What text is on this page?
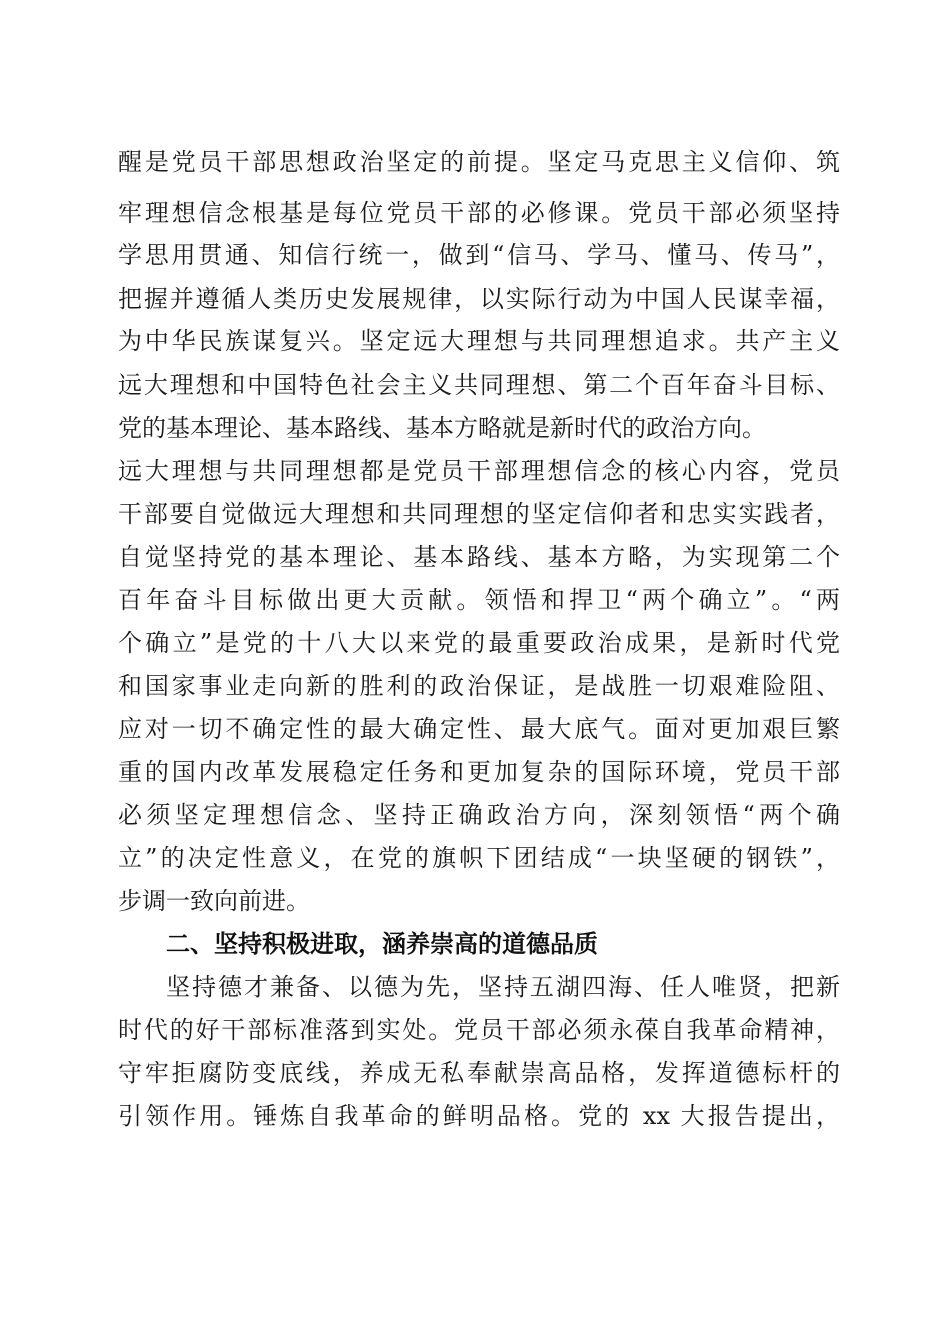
醒是党员干部思想政治坚定的前提。坚定马克思主义信仰、筑
牢理想信念根基是每位党员干部的必修课。党员干部必须坚持
学思用贯通、知信行统一，做到“信马、学马、懂马、传马”，
把握并遵循人类历史发展规律，以实际行动为中国人民谋幸福，
为中华民族谋复兴。坚定远大理想与共同理想追求。共产主义
远大理想和中国特色社会主义共同理想、第二个百年奋斗目标、
党的基本理论、基本路线、基本方略就是新时代的政治方向。
远大理想与共同理想都是党员干部理想信念的核心内容，党员
干部要自觉做远大理想和共同理想的坚定信仰者和忠实实践者，
自觉坚持党的基本理论、基本路线、基本方略，为实现第二个
百年奋斗目标做出更大贡献。领悟和捍卫“两个确立”。“两
个确立”是党的十八大以来党的最重要政治成果，是新时代党
和国家事业走向新的胜利的政治保证，是战胜一切艰难险阻、
应对一切不确定性的最大确定性、最大底气。面对更加艰巨繁
重的国内改革发展稳定任务和更加复杂的国际环境，党员干部
必须坚定理想信念、坚持正确政治方向，深刻领悟“两个确
立”的决定性意义，在党的旗帜下团结成“一块坚硬的钢铁”，
步调一致向前进。
二、坚持积极进取，涵养崇高的道德品质
坚持德才兼备、以德为先，坚持五湖四海、任人唯贤，把新
时代的好干部标准落到实处。党员干部必须永葆自我革命精神，
守牢拒腐防变底线，养成无私奉献崇高品格，发挥道德标杆的
引领作用。锤炼自我革命的鲜明品格。党的 xx 大报告提出，
